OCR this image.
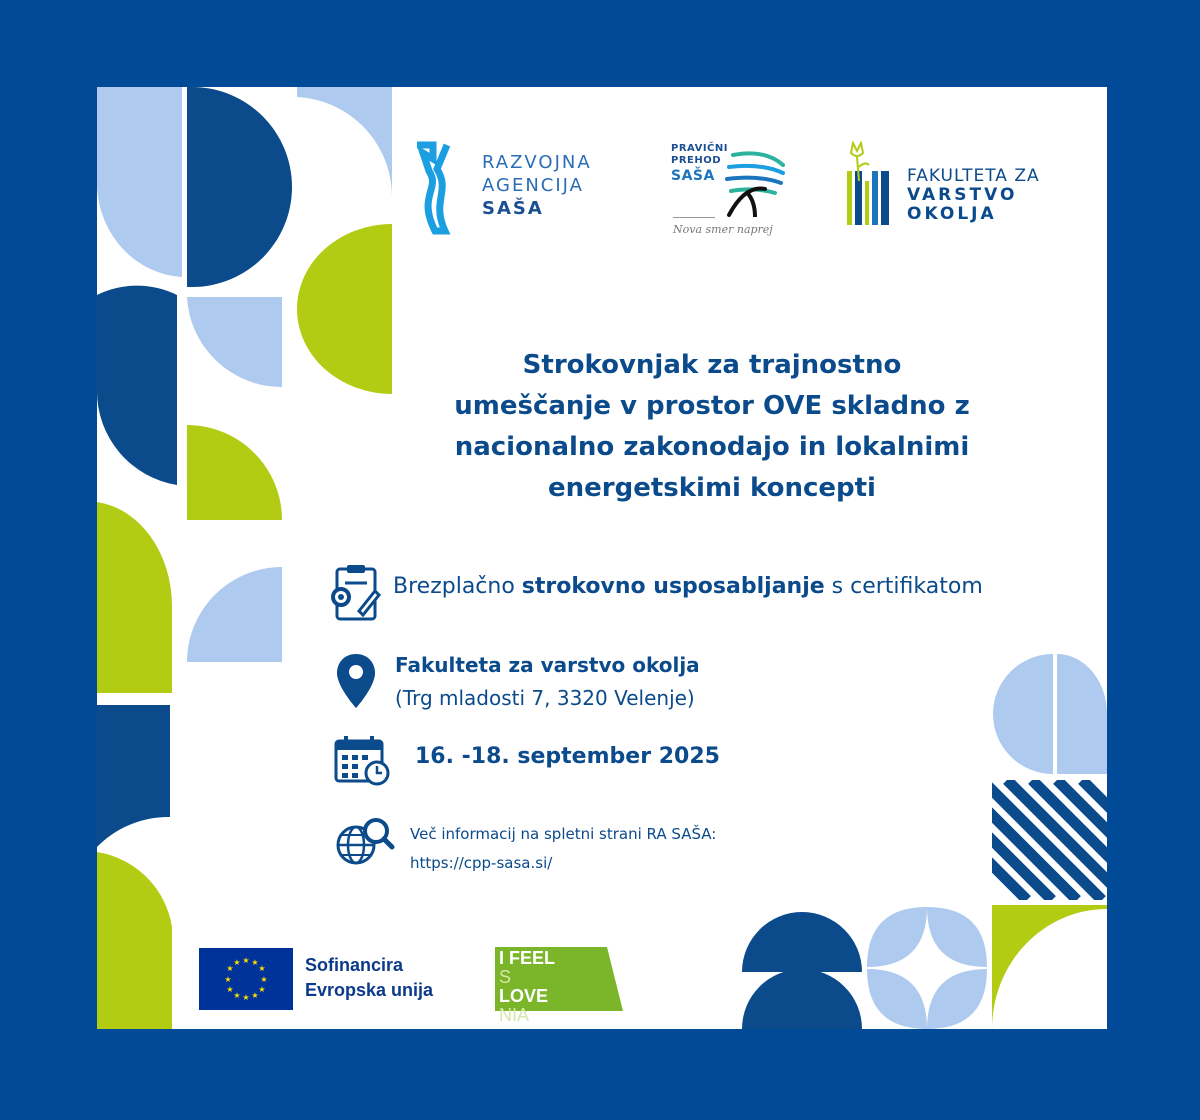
RAZVOJNA
AGENCIJA
SAŠA
PRAVIČNI
PREHOD
SAŠA
Nova smer naprej
FAKULTETA ZA
VARSTVO
OKOLJA
Strokovnjak za trajnostno
umeščanje v prostor OVE skladno z
nacionalno zakonodajo in lokalnimi
energetskimi koncepti
Brezplačno strokovno usposabljanje s certifikatom
Fakulteta za varstvo okolja
(Trg mladosti 7, 3320 Velenje)
16. -18. september 2025
Več informacij na spletni strani RA SAŠA:
https://cpp-sasa.si/
★ ★
★
★
★
★
★
★
★
★
★
★	Sofinancira
Evropska unija
I FEEL
S
LOVE
NIA
